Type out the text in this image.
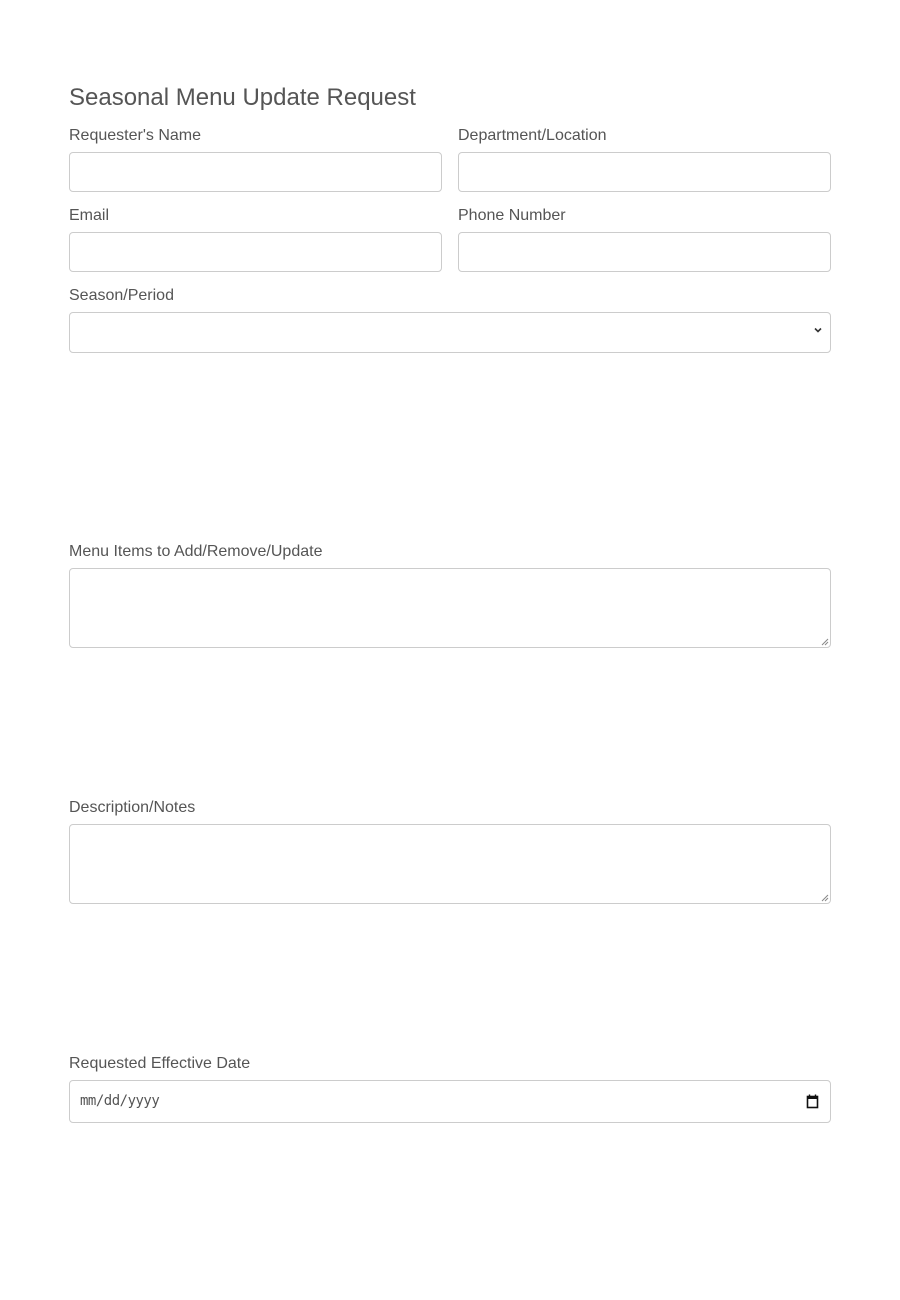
Seasonal Menu Update Request
Requester's Name	Department/Location
Email	Phone Number
Season/Period
Menu Items to Add/Remove/Update
Description/Notes
Requested Effective Date
mm/dd/yyyy
